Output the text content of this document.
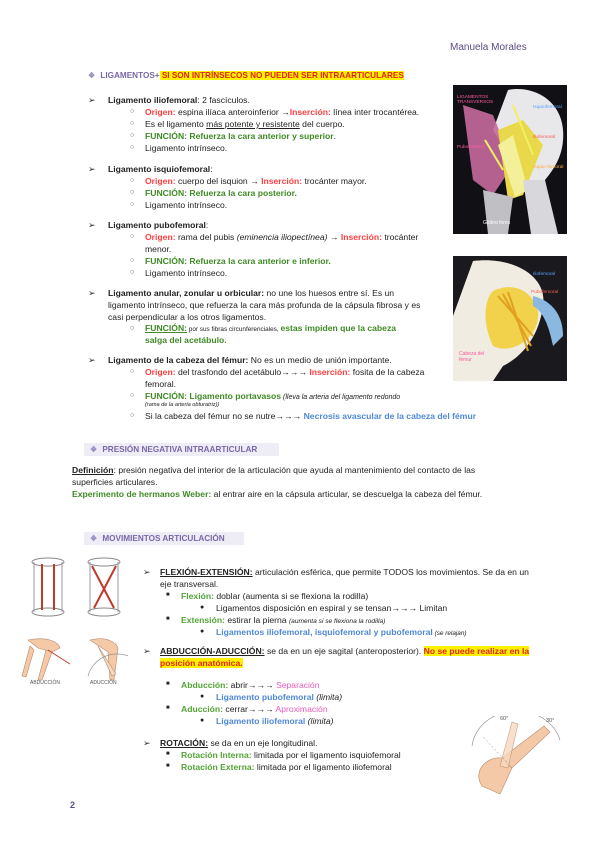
Manuela Morales
❖ LIGAMENTOS+ SI SON INTRÍNSECOS NO PUEDEN SER INTRAARTICULARES
➢ Ligamento iliofemoral: 2 fascículos.
○ Origen: espina ilíaca anteroinferior →Inserción: línea inter trocantérea.
○ Es el ligamento más potente y resistente del cuerpo.
○ FUNCIÓN: Refuerza la cara anterior y superior.
○ Ligamento intrínseco.
➢ Ligamento isquiofemoral:
○ Origen: cuerpo del isquion → Inserción: trocánter mayor.
○ FUNCIÓN: Refuerza la cara posterior.
○ Ligamento intrínseco.
➢ Ligamento pubofemoral:
○ Origen: rama del pubis (eminencia iliopectínea) → Inserción: trocánter
menor.
○ FUNCIÓN: Refuerza la cara anterior e inferior.
○ Ligamento intrínseco.
➢ Ligamento anular, zonular u orbicular: no une los huesos entre sí. Es un
ligamento intrínseco, que refuerza la cara más profunda de la cápsula fibrosa y es
casi perpendicular a los otros ligamentos.
○ FUNCIÓN: por sus fibras circunferenciales, estas impiden que la cabeza
salga del acetábulo.
➢ Ligamento de la cabeza del fémur: No es un medio de unión importante.
○ Origen: del trasfondo del acetábulo→→→ Inserción: fosita de la cabeza
femoral.
○ FUNCIÓN: Ligamento portavasos (lleva la arteria del ligamento redondo
(rama de la arteria obturatriz))
○ Si la cabeza del fémur no se nutre→→→ Necrosis avascular de la cabeza del fémur
LIGAMENTOS TRANSVERSOS
Isquiofemoral
Iliofemoral
Pubofemoral
Isquio-femoral
Glúteo fores
Iliofemoral
Pubofemoral
Cabeza del fémur
❖ PRESIÓN NEGATIVA INTRAARTICULAR
Definición: presión negativa del interior de la articulación que ayuda al mantenimiento del contacto de las
superficies articulares.
Experimento de hermanos Weber: al entrar aire en la cápsula articular, se descuelga la cabeza del fémur.
❖ MOVIMIENTOS ARTICULACIÓN
➢ FLEXIÓN-EXTENSIÓN: articulación esférica, que permite TODOS los movimientos. Se da en un
eje transversal.
■ Flexión: doblar (aumenta si se flexiona la rodilla)
● Ligamentos disposición en espiral y se tensan→→→ Limitan
■ Extensión: estirar la pierna (aumenta si se flexiona la rodilla)
● Ligamentos iliofemoral, isquiofemoral y pubofemoral (se relajan)
ABDUCCIÓN	ADUCCIÓN
➢ ABDUCCIÓN-ADUCCIÓN: se da en un eje sagital (anteroposterior). No se puede realizar en la
posición anatómica.
■ Abducción: abrir→→→ Separación
● Ligamento pubofemoral (limita)
■ Aducción: cerrar→→→ Aproximación
● Ligamento iliofemoral (limita)
➢ ROTACIÓN: se da en un eje longitudinal.
■ Rotación Interna: limitada por el ligamento isquiofemoral
■ Rotación Externa: limitada por el ligamento iliofemoral
60°	30°
2
